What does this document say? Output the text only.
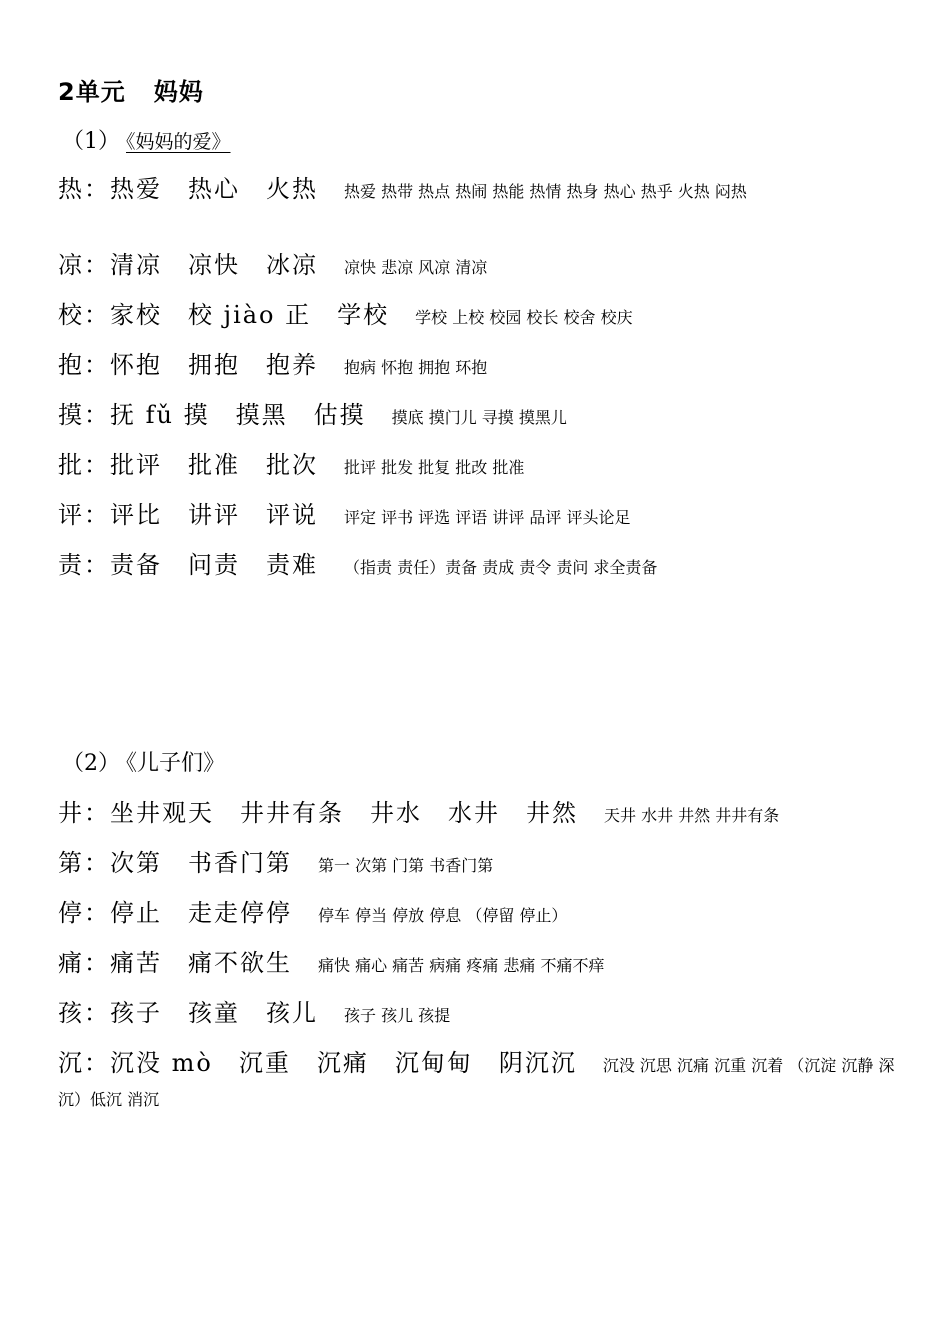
2单元   妈妈
（1） 《妈妈的爱》
热：热爱 热心 火热 热爱 热带 热点 热闹 热能 热情 热身 热心 热乎 火热 闷热
凉：清凉 凉快 冰凉 凉快 悲凉 风凉 清凉
校：家校 校 jiào 正 学校 学校 上校 校园 校长 校舍 校庆
抱：怀抱 拥抱 抱养 抱病 怀抱 拥抱 环抱
摸：抚 fǔ 摸 摸黑 估摸 摸底 摸门儿 寻摸 摸黑儿
批：批评 批准 批次 批评 批发 批复 批改 批准
评：评比 讲评 评说 评定 评书 评选 评语 讲评 品评 评头论足
责：责备 问责 责难 （指责 责任）责备 责成 责令 责问 求全责备
（2） 《儿子们》
井：坐井观天 井井有条 井水 水井 井然 天井 水井 井然 井井有条
第：次第 书香门第 第一 次第 门第 书香门第
停：停止 走走停停 停车 停当 停放 停息 （停留 停止）
痛：痛苦 痛不欲生 痛快 痛心 痛苦 病痛 疼痛 悲痛 不痛不痒
孩：孩子 孩童 孩儿 孩子 孩儿 孩提
沉：沉没 mò 沉重 沉痛 沉甸甸 阴沉沉 沉没 沉思 沉痛 沉重 沉着 （沉淀 沉静 深沉）低沉 消沉
